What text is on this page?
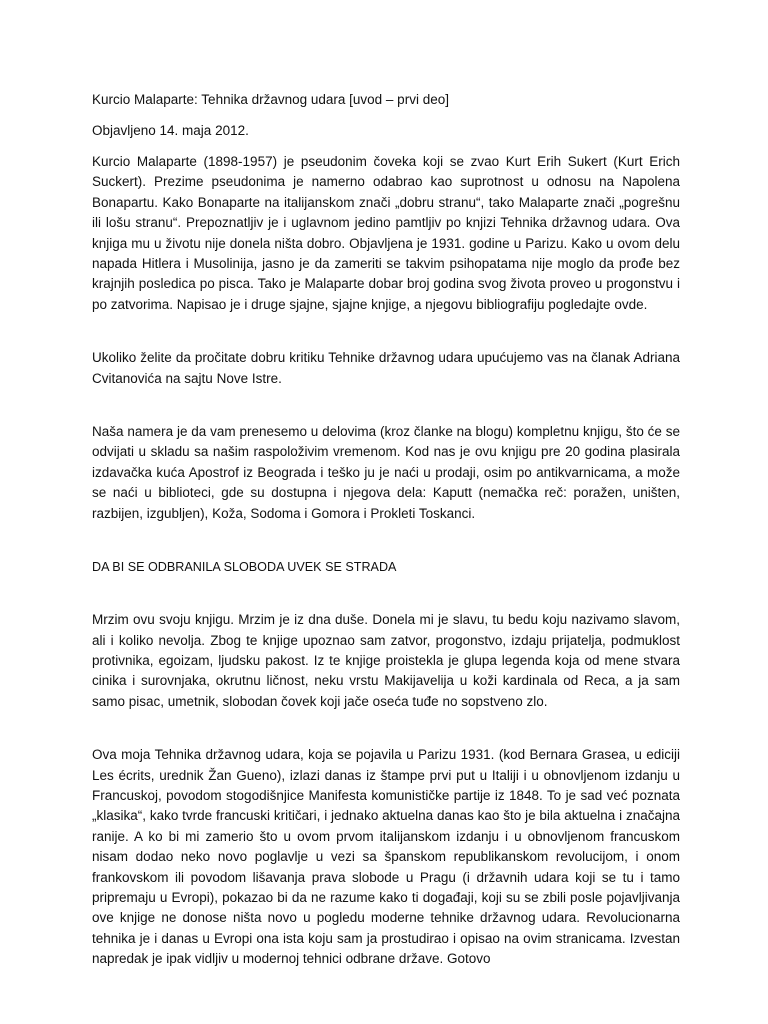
Kurcio Malaparte: Tehnika državnog udara [uvod – prvi deo]

Objavljeno 14. maja 2012.

Kurcio Malaparte (1898-1957) je pseudonim čoveka koji se zvao Kurt Erih Sukert (Kurt Erich Suckert). Prezime pseudonima je namerno odabrao kao suprotnost u odnosu na Napolena Bonapartu. Kako Bonaparte na italijanskom znači „dobru stranu“, tako Malaparte znači „pogrešnu ili lošu stranu“. Prepoznatljiv je i uglavnom jedino pamtljiv po knjizi Tehnika državnog udara. Ova knjiga mu u životu nije donela ništa dobro. Objavljena je 1931. godine u Parizu. Kako u ovom delu napada Hitlera i Musolinija, jasno je da zameriti se takvim psihopatama nije moglo da prođe bez krajnjih posledica po pisca. Tako je Malaparte dobar broj godina svog života proveo u progonstvu i po zatvorima. Napisao je i druge sjajne, sjajne knjige, a njegovu bibliografiju pogledajte ovde.

Ukoliko želite da pročitate dobru kritiku Tehnike državnog udara upućujemo vas na članak Adriana Cvitanovića na sajtu Nove Istre.

Naša namera je da vam prenesemo u delovima (kroz članke na blogu) kompletnu knjigu, što će se odvijati u skladu sa našim raspoloživim vremenom. Kod nas je ovu knjigu pre 20 godina plasirala izdavačka kuća Apostrof iz Beograda i teško ju je naći u prodaji, osim po antikvarnicama, a može se naći u biblioteci, gde su dostupna i njegova dela: Kaputt (nemačka reč: poražen, uništen, razbijen, izgubljen), Koža, Sodoma i Gomora i Prokleti Toskanci.

DA BI SE ODBRANILA SLOBODA UVEK SE STRADA

Mrzim ovu svoju knjigu. Mrzim je iz dna duše. Donela mi je slavu, tu bedu koju nazivamo slavom, ali i koliko nevolja. Zbog te knjige upoznao sam zatvor, progonstvo, izdaju prijatelja, podmuklost protivnika, egoizam, ljudsku pakost. Iz te knjige proistekla je glupa legenda koja od mene stvara cinika i surovnjaka, okrutnu ličnost, neku vrstu Makijavelija u koži kardinala od Reca, a ja sam samo pisac, umetnik, slobodan čovek koji jače oseća tuđe no sopstveno zlo.

Ova moja Tehnika državnog udara, koja se pojavila u Parizu 1931. (kod Bernara Grasea, u ediciji Les écrits, urednik Žan Gueno), izlazi danas iz štampe prvi put u Italiji i u obnovljenom izdanju u Francuskoj, povodom stogodišnjice Manifesta komunističke partije iz 1848. To je sad već poznata „klasika“, kako tvrde francuski kritičari, i jednako aktuelna danas kao što je bila aktuelna i značajna ranije. A ko bi mi zamerio što u ovom prvom italijanskom izdanju i u obnovljenom francuskom nisam dodao neko novo poglavlje u vezi sa španskom republikanskom revolucijom, i onom frankovskom ili povodom lišavanja prava slobode u Pragu (i državnih udara koji se tu i tamo pripremaju u Evropi), pokazao bi da ne razume kako ti događaji, koji su se zbili posle pojavljivanja ove knjige ne donose ništa novo u pogledu moderne tehnike državnog udara. Revolucionarna tehnika je i danas u Evropi ona ista koju sam ja prostudirao i opisao na ovim stranicama. Izvestan napredak je ipak vidljiv u modernoj tehnici odbrane države. Gotovo
